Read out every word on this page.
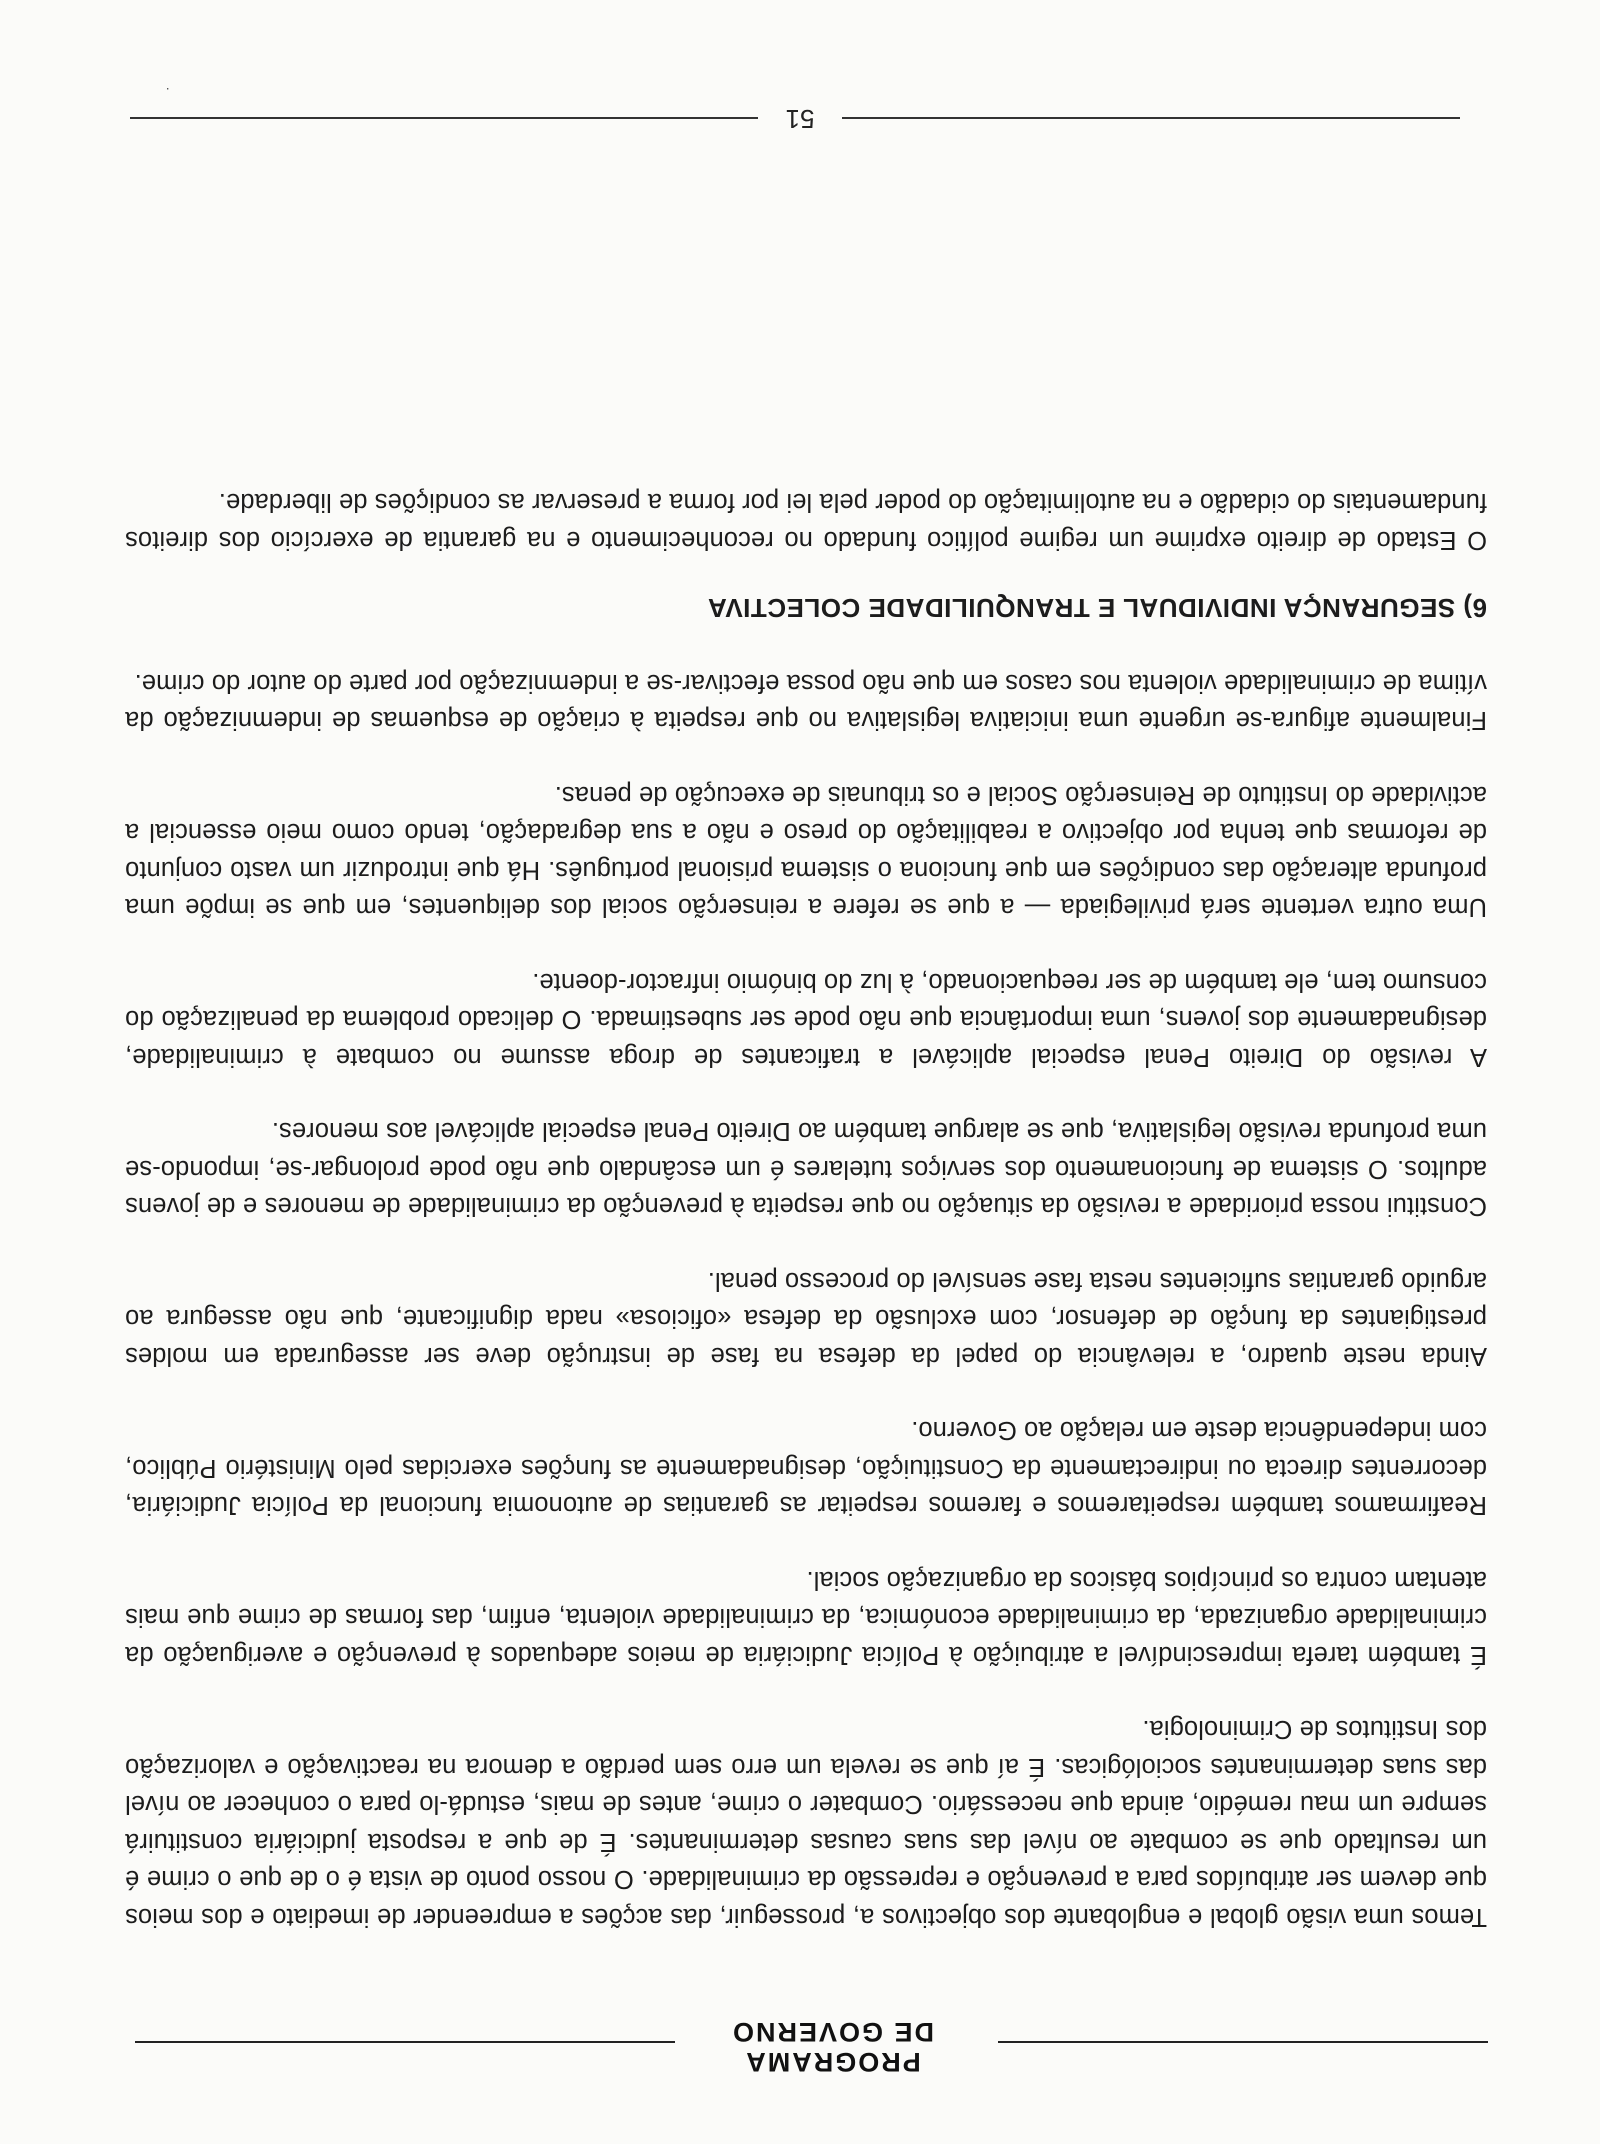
PROGRAMA
DE GOVERNO

Temos uma visão global e englobante dos objectivos a, prosseguir, das acções a empreender de imediato e dos meios que devem ser atribuídos para a prevenção e repressão da criminalidade. O nosso ponto de vista é o de que o crime é um resultado que se combate ao nível das suas causas determinantes. É de que a resposta judiciária constituirá sempre um mau remédio, ainda que necessário. Combater o crime, antes de mais, estudá-lo para o conhecer ao nível das suas determinantes sociológicas. É aí que se revela um erro sem perdão a demora na reactivação e valorização dos Institutos de Criminologia.

É também tarefa imprescindível a atribuição à Polícia Judiciária de meios adequados à prevenção e averiguação da criminalidade organizada, da criminalidade económica, da criminalidade violenta, enfim, das formas de crime que mais atentam contra os princípios básicos da organização social.

Reafirmamos também respeitaremos e faremos respeitar as garantias de autonomia funcional da Polícia Judiciária, decorrentes directa ou indirectamente da Constituição, designadamente as funções exercidas pelo Ministério Público, com independência deste em relação ao Governo.

Ainda neste quadro, a relevância do papel da defesa na fase de instrução deve ser assegurada em moldes prestigiantes da função de defensor, com exclusão da defesa «oficiosa» nada dignificante, que não assegura ao arguido garantias suficientes nesta fase sensível do processo penal.

Constitui nossa prioridade a revisão da situação no que respeita à prevenção da criminalidade de menores e de jovens adultos. O sistema de funcionamento dos serviços tutelares é um escândalo que não pode prolongar-se, impondo-se uma profunda revisão legislativa, que se alargue também ao Direito Penal especial aplicável aos menores.

A revisão do Direito Penal especial aplicável a traficantes de droga assume no combate à criminalidade, designadamente dos jovens, uma importância que não pode ser subestimada. O delicado problema da penalização do consumo tem, ele também de ser reequacionado, à luz do binómio infractor-doente.

Uma outra vertente será privilegiada — a que se refere a reinserção social dos deliquentes, em que se impõe uma profunda alteração das condições em que funciona o sistema prisional português. Há que introduzir um vasto conjunto de reformas que tenha por objectivo a reabilitação do preso e não a sua degradação, tendo como meio essencial a actividade do Instituto de Reinserção Social e os tribunais de execução de penas.

Finalmente afigura-se urgente uma iniciativa legislativa no que respeita à criação de esquemas de indemnização da vítima de criminalidade violenta nos casos em que não possa efectivar-se a indemnização por parte do autor do crime.

6) SEGURANÇA INDIVIDUAL E TRANQUILIDADE COLECTIVA

O Estado de direito exprime um regime político fundado no reconhecimento e na garantia de exercício dos direitos fundamentais do cidadão e na autolimitação do poder pela lei por forma a preservar as condições de liberdade.

51
·
